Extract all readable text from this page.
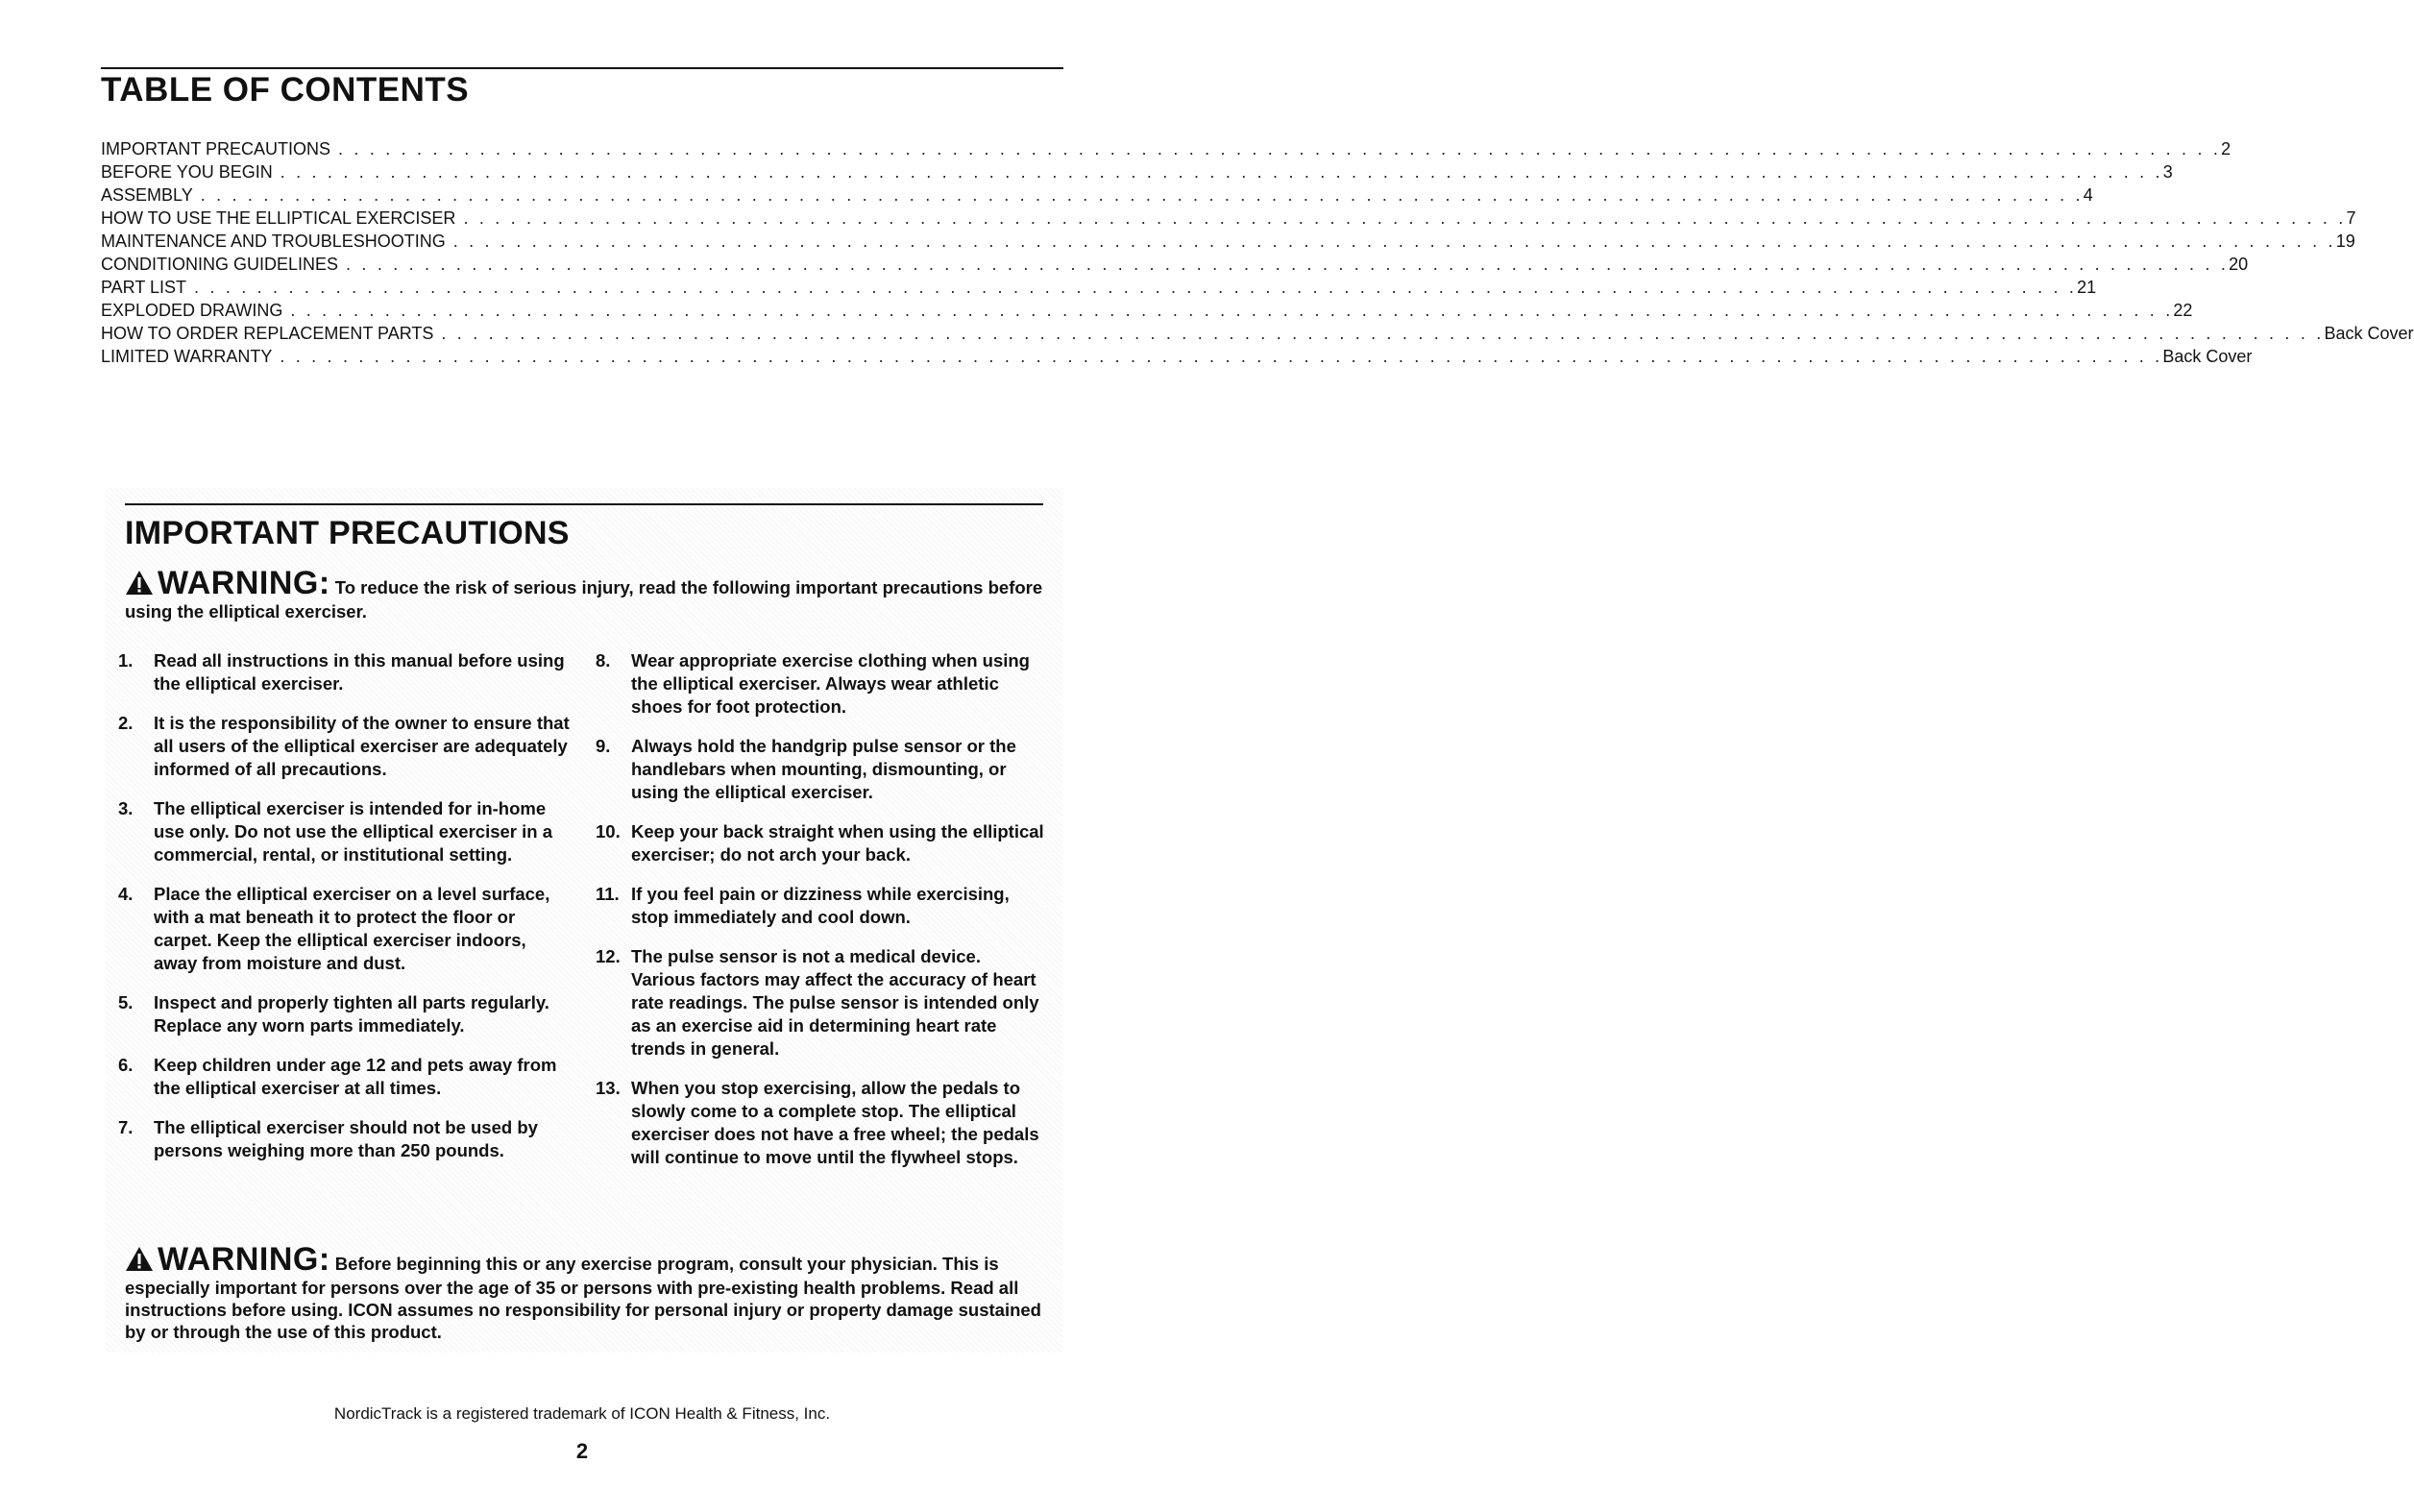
TABLE OF CONTENTS
IMPORTANT PRECAUTIONS . . . . . . . . . . . . . . . . . . . . . . . . . . . . . . . . . . . . . . . . . . . . . . . . . . . . . . . . . . . . . . . . . . . . . . . . . . . . . . . . . . . . . . . . . . . . . . . . . . . . . . . . . . . . . . . . . . . . . . . . 2
BEFORE YOU BEGIN . . . . . . . . . . . . . . . . . . . . . . . . . . . . . . . . . . . . . . . . . . . . . . . . . . . . . . . . . . . . . . . . . . . . . . . . . . . . . . . . . . . . . . . . . . . . . . . . . . . . . . . . . . . . . . . . . . . . . . . . 3
ASSEMBLY . . . . . . . . . . . . . . . . . . . . . . . . . . . . . . . . . . . . . . . . . . . . . . . . . . . . . . . . . . . . . . . . . . . . . . . . . . . . . . . . . . . . . . . . . . . . . . . . . . . . . . . . . . . . . . . . . . . . . . . . 4
HOW TO USE THE ELLIPTICAL EXERCISER . . . . . . . . . . . . . . . . . . . . . . . . . . . . . . . . . . . . . . . . . . . . . . . . . . . . . . . . . . . . . . . . . . . . . . . . . . . . . . . . . . . . . . . . . . . . . . . . . . . . . . . . . . . . . . . . . . . . . . . . 7
MAINTENANCE AND TROUBLESHOOTING . . . . . . . . . . . . . . . . . . . . . . . . . . . . . . . . . . . . . . . . . . . . . . . . . . . . . . . . . . . . . . . . . . . . . . . . . . . . . . . . . . . . . . . . . . . . . . . . . . . . . . . . . . . . . . . . . . . . . . . . 19
CONDITIONING GUIDELINES . . . . . . . . . . . . . . . . . . . . . . . . . . . . . . . . . . . . . . . . . . . . . . . . . . . . . . . . . . . . . . . . . . . . . . . . . . . . . . . . . . . . . . . . . . . . . . . . . . . . . . . . . . . . . . . . . . . . . . . . 20
PART LIST . . . . . . . . . . . . . . . . . . . . . . . . . . . . . . . . . . . . . . . . . . . . . . . . . . . . . . . . . . . . . . . . . . . . . . . . . . . . . . . . . . . . . . . . . . . . . . . . . . . . . . . . . . . . . . . . . . . . . . . . 21
EXPLODED DRAWING . . . . . . . . . . . . . . . . . . . . . . . . . . . . . . . . . . . . . . . . . . . . . . . . . . . . . . . . . . . . . . . . . . . . . . . . . . . . . . . . . . . . . . . . . . . . . . . . . . . . . . . . . . . . . . . . . . . . . . . . 22
HOW TO ORDER REPLACEMENT PARTS . . . . . . . . . . . . . . . . . . . . . . . . . . . . . . . . . . . . . . . . . . . . . . . . . . . . . . . . . . . . . . . . . . . . . . . . . . . . . . . . . . . . . . . . . . . . . . . . . . . . . . . . . . . . . . . . . . . . . . . . Back Cover
LIMITED WARRANTY . . . . . . . . . . . . . . . . . . . . . . . . . . . . . . . . . . . . . . . . . . . . . . . . . . . . . . . . . . . . . . . . . . . . . . . . . . . . . . . . . . . . . . . . . . . . . . . . . . . . . . . . . . . . . . . . . . . . . . . . Back Cover
IMPORTANT PRECAUTIONS
WARNING: To reduce the risk of serious injury, read the following important precautions before using the elliptical exerciser.
1.	Read all instructions in this manual before using the elliptical exerciser.
2.	It is the responsibility of the owner to ensure that all users of the elliptical exerciser are adequately informed of all precautions.
3.	The elliptical exerciser is intended for in-home use only. Do not use the elliptical exerciser in a commercial, rental, or institutional setting.
4.	Place the elliptical exerciser on a level surface, with a mat beneath it to protect the floor or carpet. Keep the elliptical exerciser indoors, away from moisture and dust.
5.	Inspect and properly tighten all parts regularly. Replace any worn parts immediately.
6.	Keep children under age 12 and pets away from the elliptical exerciser at all times.
7.	The elliptical exerciser should not be used by persons weighing more than 250 pounds.
8.	Wear appropriate exercise clothing when using the elliptical exerciser. Always wear athletic shoes for foot protection.
9.	Always hold the handgrip pulse sensor or the handlebars when mounting, dismounting, or using the elliptical exerciser.
10. Keep your back straight when using the elliptical exerciser; do not arch your back.
11. If you feel pain or dizziness while exercising, stop immediately and cool down.
12. The pulse sensor is not a medical device. Various factors may affect the accuracy of heart rate readings. The pulse sensor is intended only as an exercise aid in determining heart rate trends in general.
13. When you stop exercising, allow the pedals to slowly come to a complete stop. The elliptical exerciser does not have a free wheel; the pedals will continue to move until the flywheel stops.
WARNING: Before beginning this or any exercise program, consult your physician. This is especially important for persons over the age of 35 or persons with pre-existing health problems. Read all instructions before using. ICON assumes no responsibility for personal injury or property damage sustained by or through the use of this product.
NordicTrack is a registered trademark of ICON Health & Fitness, Inc.
2
